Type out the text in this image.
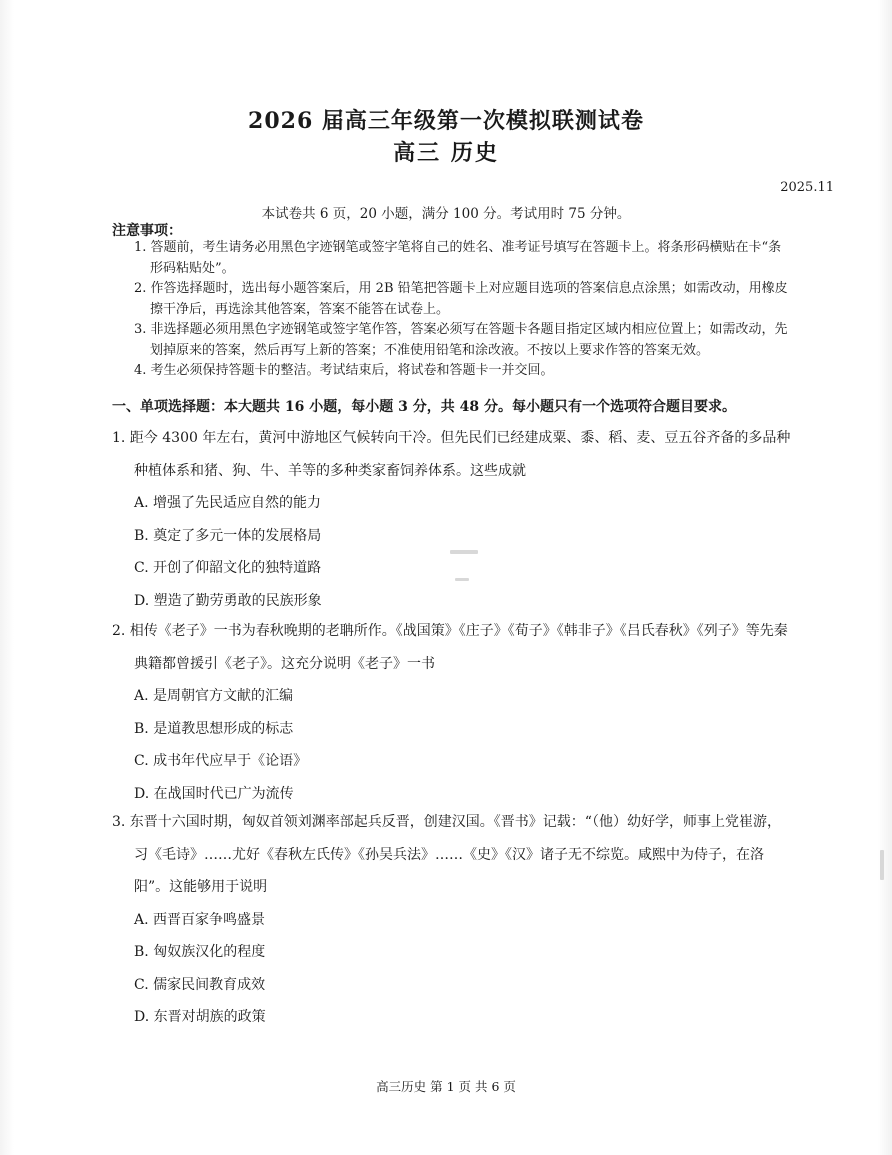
2026 届高三年级第一次模拟联测试卷
高三 历史

2025.11

本试卷共 6 页，20 小题，满分 100 分。考试用时 75 分钟。

注意事项：

1. 答题前，考生请务必用黑色字迹钢笔或签字笔将自己的姓名、准考证号填写在答题卡上。将条形码横贴在卡“条形码粘贴处”。
2. 作答选择题时，选出每小题答案后，用 2B 铅笔把答题卡上对应题目选项的答案信息点涂黑；如需改动，用橡皮擦干净后，再选涂其他答案，答案不能答在试卷上。
3. 非选择题必须用黑色字迹钢笔或签字笔作答，答案必须写在答题卡各题目指定区域内相应位置上；如需改动，先划掉原来的答案，然后再写上新的答案；不准使用铅笔和涂改液。不按以上要求作答的答案无效。
4. 考生必须保持答题卡的整洁。考试结束后，将试卷和答题卡一并交回。

一、单项选择题：本大题共 16 小题，每小题 3 分，共 48 分。每小题只有一个选项符合题目要求。

1. 距今 4300 年左右，黄河中游地区气候转向干冷。但先民们已经建成粟、黍、稻、麦、豆五谷齐备的多品种种植体系和猪、狗、牛、羊等的多种类家畜饲养体系。这些成就

A. 增强了先民适应自然的能力
B. 奠定了多元一体的发展格局
C. 开创了仰韶文化的独特道路
D. 塑造了勤劳勇敢的民族形象

2. 相传《老子》一书为春秋晚期的老聃所作。《战国策》《庄子》《荀子》《韩非子》《吕氏春秋》《列子》等先秦典籍都曾援引《老子》。这充分说明《老子》一书

A. 是周朝官方文献的汇编
B. 是道教思想形成的标志
C. 成书年代应早于《论语》
D. 在战国时代已广为流传

3. 东晋十六国时期，匈奴首领刘渊率部起兵反晋，创建汉国。《晋书》记载：“（他）幼好学，师事上党崔游，习《毛诗》……尤好《春秋左氏传》《孙吴兵法》……《史》《汉》诸子无不综览。咸熙中为侍子，在洛阳”。这能够用于说明

A. 西晋百家争鸣盛景
B. 匈奴族汉化的程度
C. 儒家民间教育成效
D. 东晋对胡族的政策

高三历史 第 1 页 共 6 页
